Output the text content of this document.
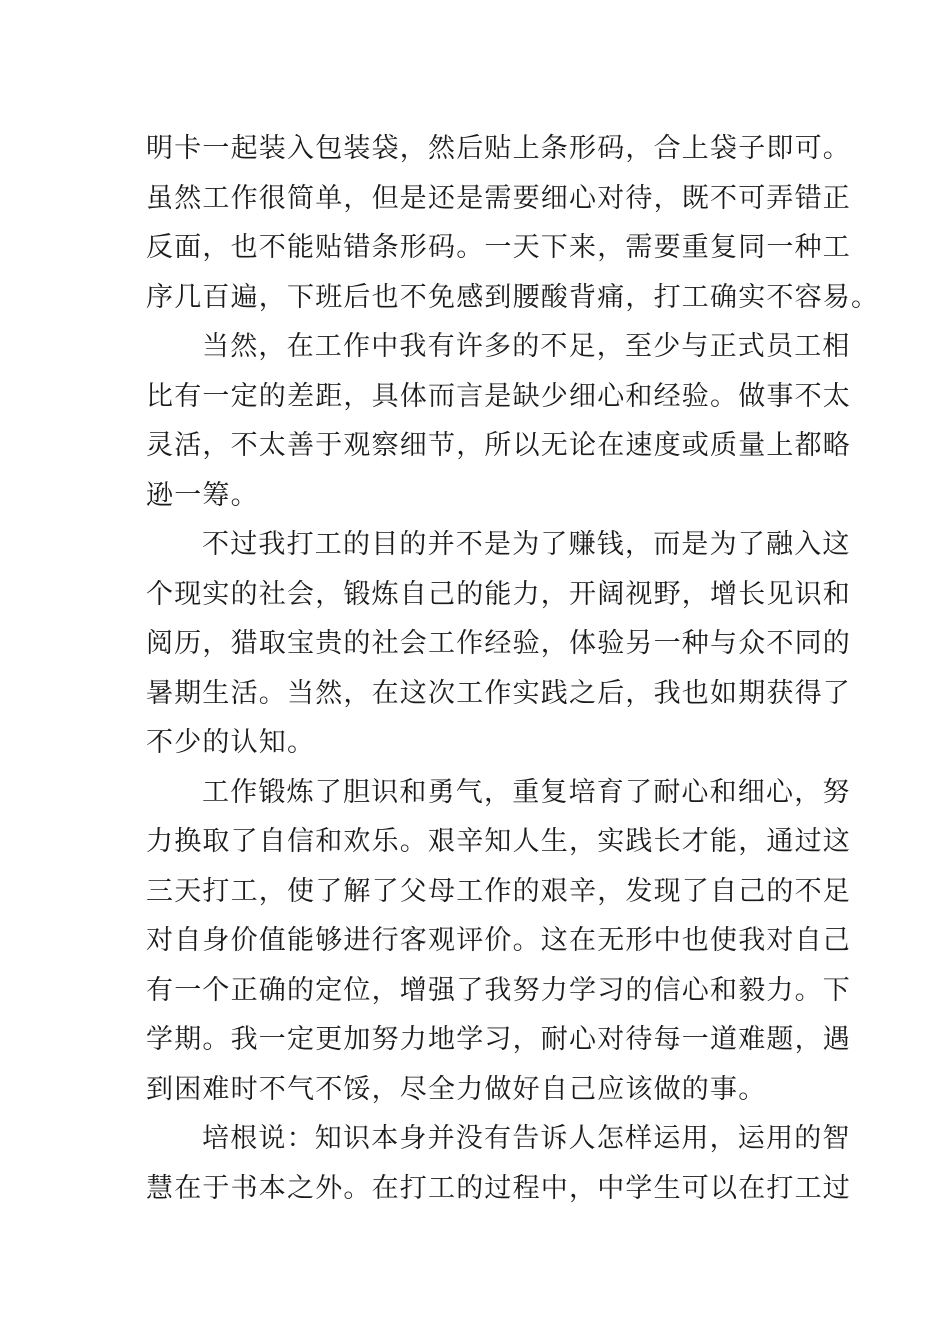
明卡一起装入包装袋，然后贴上条形码，合上袋子即可。
虽然工作很简单，但是还是需要细心对待，既不可弄错正
反面，也不能贴错条形码。一天下来，需要重复同一种工
序几百遍，下班后也不免感到腰酸背痛，打工确实不容易。
当然，在工作中我有许多的不足，至少与正式员工相
比有一定的差距，具体而言是缺少细心和经验。做事不太
灵活，不太善于观察细节，所以无论在速度或质量上都略
逊一筹。
不过我打工的目的并不是为了赚钱，而是为了融入这
个现实的社会，锻炼自己的能力，开阔视野，增长见识和
阅历，猎取宝贵的社会工作经验，体验另一种与众不同的
暑期生活。当然，在这次工作实践之后，我也如期获得了
不少的认知。
工作锻炼了胆识和勇气，重复培育了耐心和细心，努
力换取了自信和欢乐。艰辛知人生，实践长才能，通过这
三天打工，使了解了父母工作的艰辛，发现了自己的不足
对自身价值能够进行客观评价。这在无形中也使我对自己
有一个正确的定位，增强了我努力学习的信心和毅力。下
学期。我一定更加努力地学习，耐心对待每一道难题，遇
到困难时不气不馁，尽全力做好自己应该做的事。
培根说：知识本身并没有告诉人怎样运用，运用的智
慧在于书本之外。在打工的过程中，中学生可以在打工过
